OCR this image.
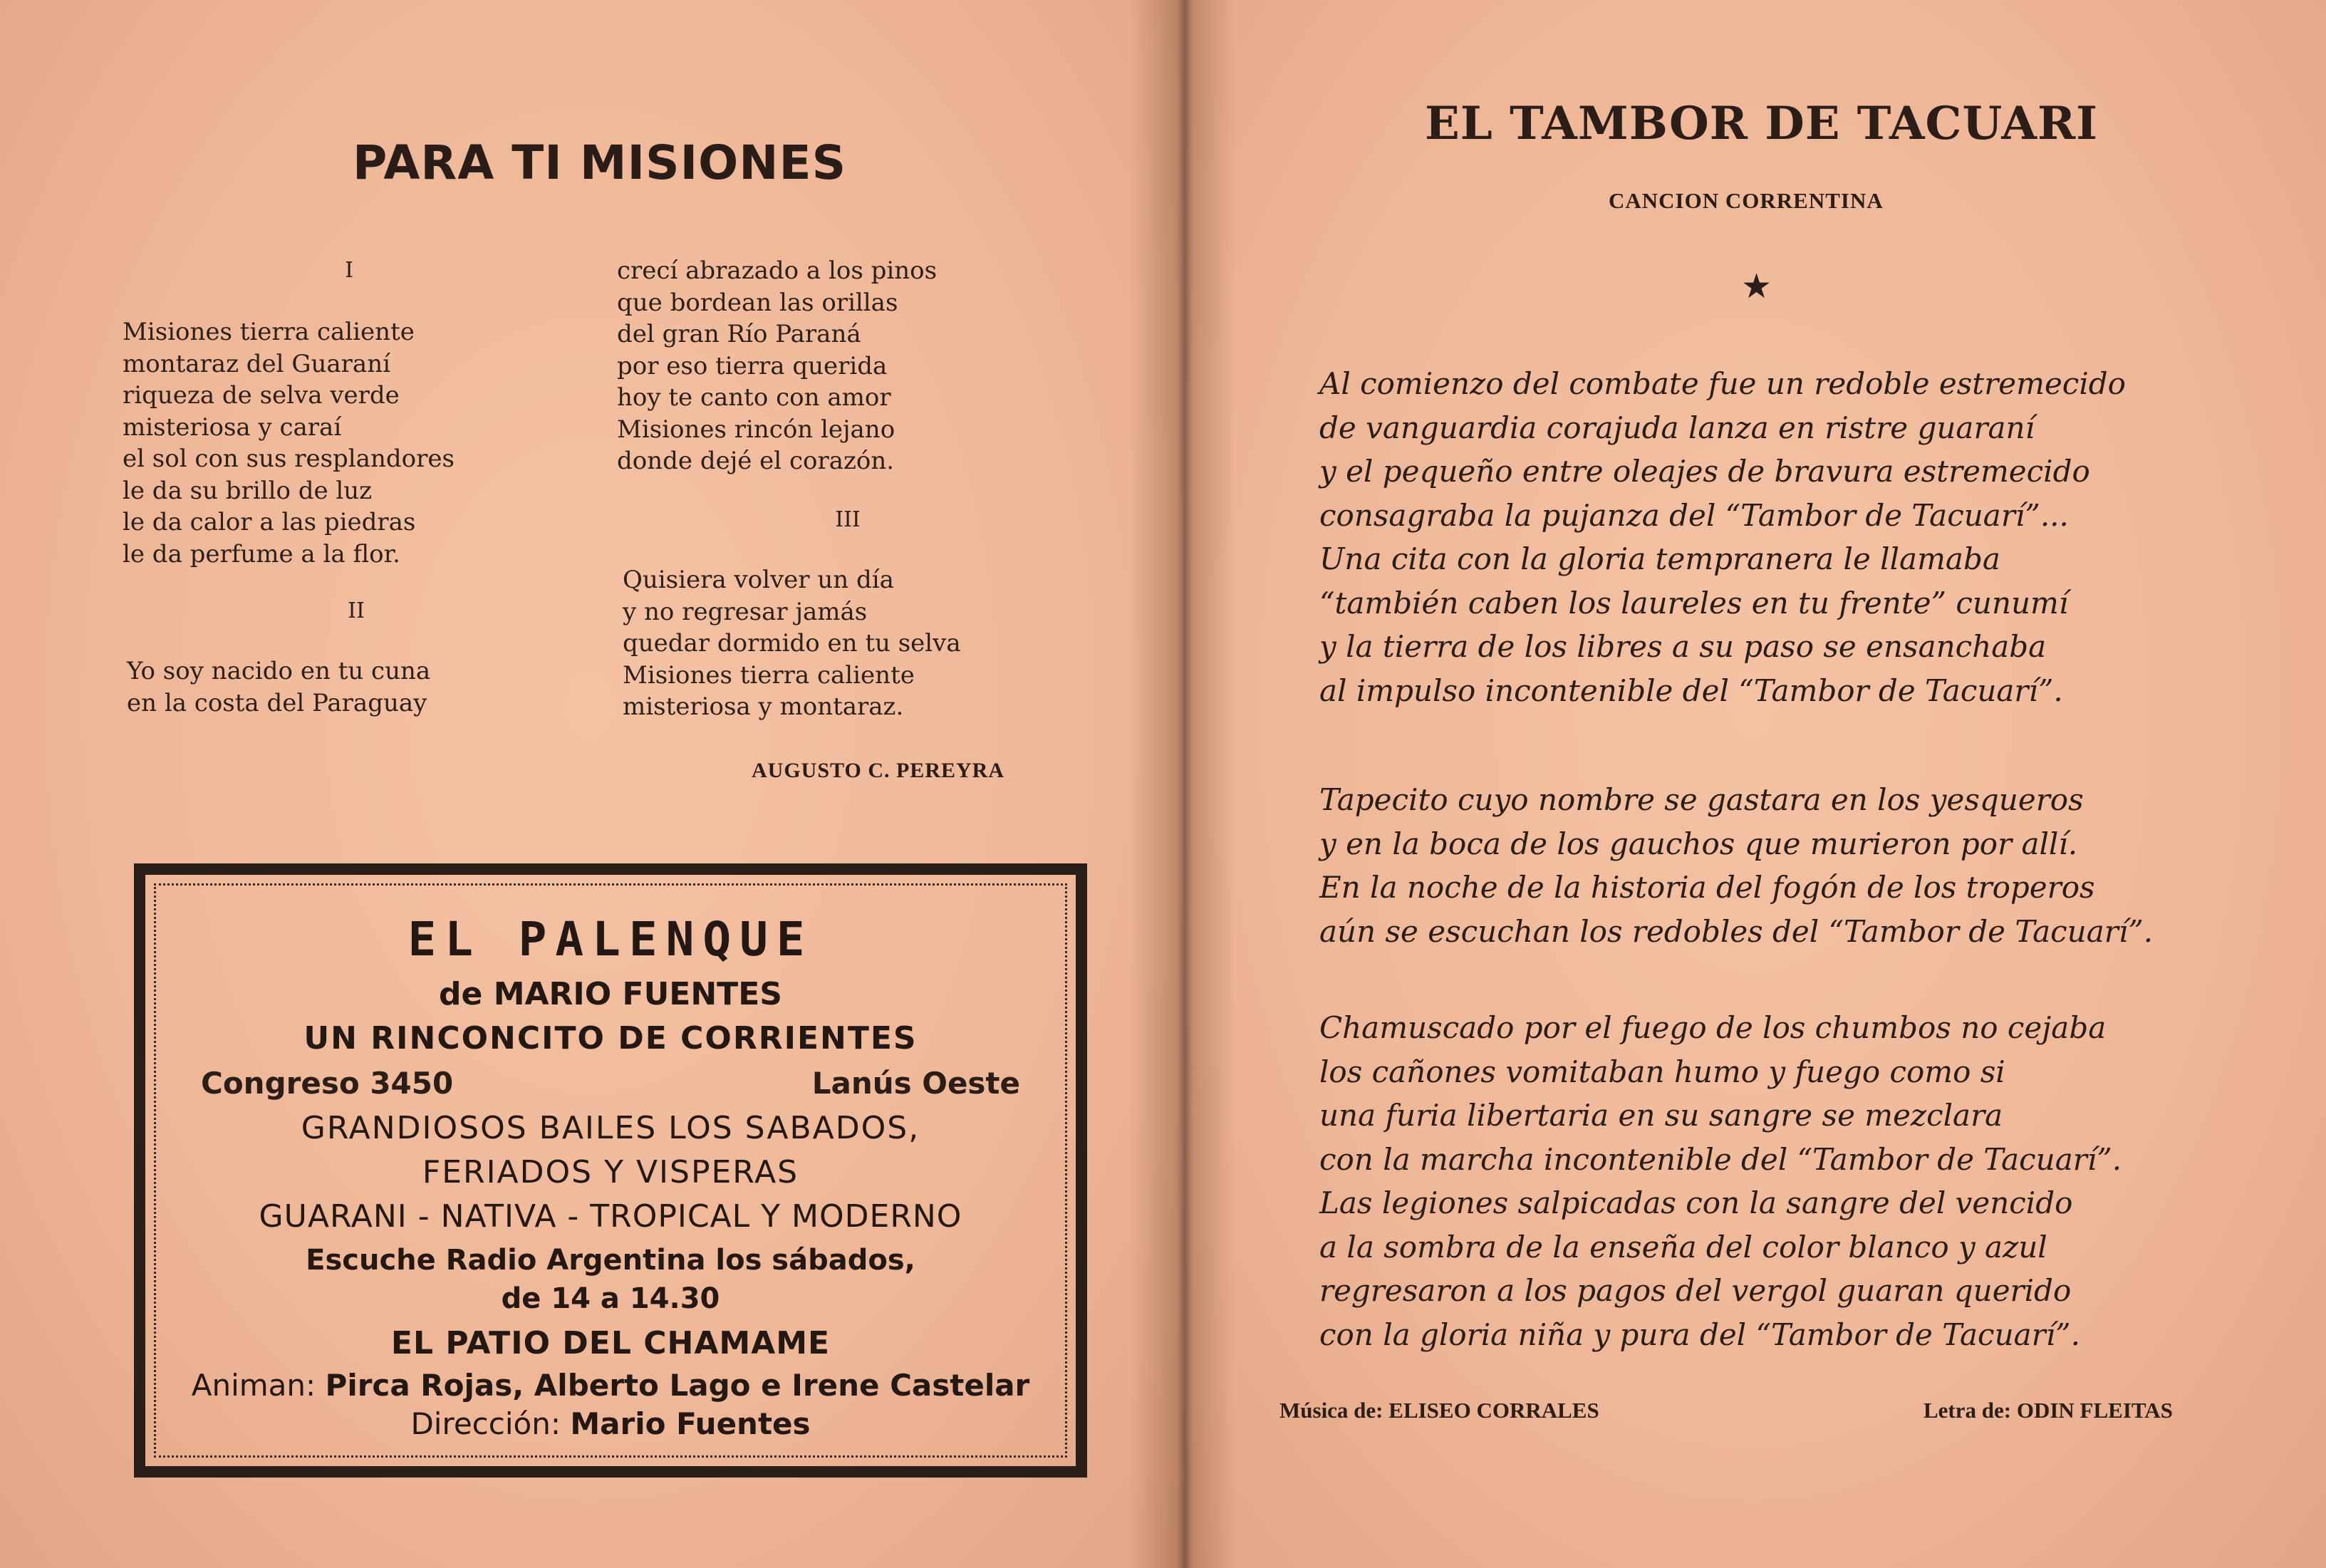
PARA TI MISIONES
I
Misiones tierra caliente
montaraz del Guaraní
riqueza de selva verde
misteriosa y caraí
el sol con sus resplandores
le da su brillo de luz
le da calor a las piedras
le da perfume a la flor.
II
Yo soy nacido en tu cuna
en la costa del Paraguay
crecí abrazado a los pinos
que bordean las orillas
del gran Río Paraná
por eso tierra querida
hoy te canto con amor
Misiones rincón lejano
donde dejé el corazón.
III
Quisiera volver un día
y no regresar jamás
quedar dormido en tu selva
Misiones tierra caliente
misteriosa y montaraz.
AUGUSTO C. PEREYRA
EL PALENQUE
de MARIO FUENTES
UN RINCONCITO DE CORRIENTES
Congreso 3450	Lanús Oeste
GRANDIOSOS BAILES LOS SABADOS,
FERIADOS Y VISPERAS
GUARANI - NATIVA - TROPICAL Y MODERNO
Escuche Radio Argentina los sábados,
de 14 a 14.30
EL PATIO DEL CHAMAME
Animan: Pirca Rojas, Alberto Lago e Irene Castelar
Dirección: Mario Fuentes
EL TAMBOR DE TACUARI
CANCION CORRENTINA
★
Al comienzo del combate fue un redoble estremecido
de vanguardia corajuda lanza en ristre guaraní
y el pequeño entre oleajes de bravura estremecido
consagraba la pujanza del “Tambor de Tacuarí”...
Una cita con la gloria tempranera le llamaba
“también caben los laureles en tu frente” cunumí
y la tierra de los libres a su paso se ensanchaba
al impulso incontenible del “Tambor de Tacuarí”.
Tapecito cuyo nombre se gastara en los yesqueros
y en la boca de los gauchos que murieron por allí.
En la noche de la historia del fogón de los troperos
aún se escuchan los redobles del “Tambor de Tacuarí”.
Chamuscado por el fuego de los chumbos no cejaba
los cañones vomitaban humo y fuego como si
una furia libertaria en su sangre se mezclara
con la marcha incontenible del “Tambor de Tacuarí”.
Las legiones salpicadas con la sangre del vencido
a la sombra de la enseña del color blanco y azul
regresaron a los pagos del vergol guaran querido
con la gloria niña y pura del “Tambor de Tacuarí”.
Música de: ELISEO CORRALES	Letra de: ODIN FLEITAS
